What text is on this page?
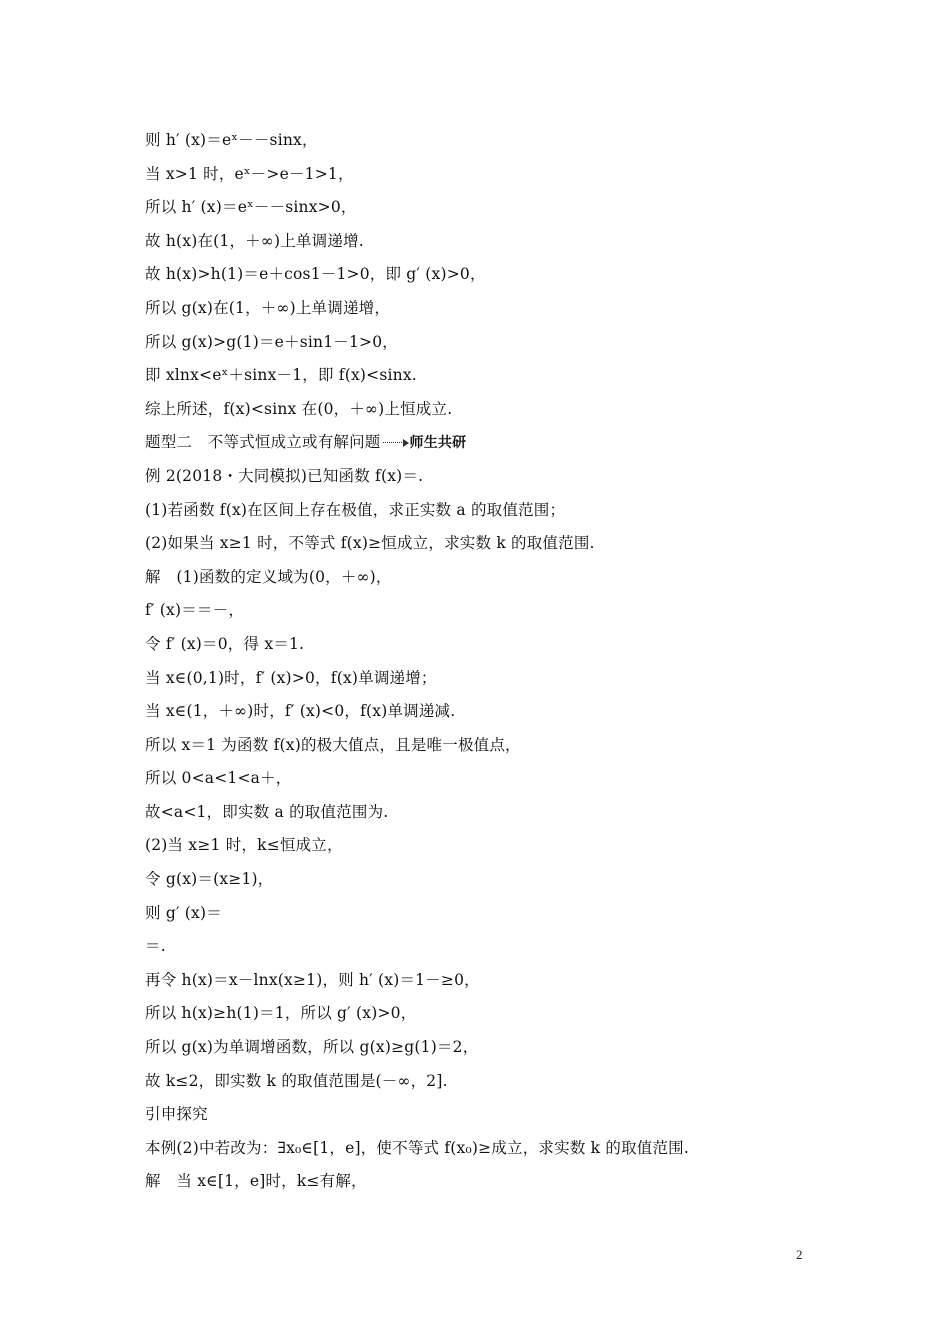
则 h′ (x)＝eˣ－－sinx，
当 x>1 时，eˣ－>e－1>1，
所以 h′ (x)＝eˣ－－sinx>0，
故 h(x)在(1，＋∞)上单调递增.
故 h(x)>h(1)＝e＋cos1－1>0，即 g′ (x)>0，
所以 g(x)在(1，＋∞)上单调递增，
所以 g(x)>g(1)＝e＋sin1－1>0，
即 xlnx<eˣ＋sinx－1，即 f(x)<sinx.
综上所述，f(x)<sinx 在(0，＋∞)上恒成立.
题型二　不等式恒成立或有解问题 师生共研
例 2(2018・大同模拟)已知函数 f(x)＝.
(1)若函数 f(x)在区间上存在极值，求正实数 a 的取值范围；
(2)如果当 x≥1 时，不等式 f(x)≥恒成立，求实数 k 的取值范围.
解　(1)函数的定义域为(0，＋∞)，
f′ (x)＝＝－，
令 f′ (x)＝0，得 x＝1.
当 x∈(0,1)时，f′ (x)>0，f(x)单调递增；
当 x∈(1，＋∞)时，f′ (x)<0，f(x)单调递减.
所以 x＝1 为函数 f(x)的极大值点，且是唯一极值点，
所以 0<a<1<a＋，
故<a<1，即实数 a 的取值范围为.
(2)当 x≥1 时，k≤恒成立，
令 g(x)＝(x≥1)，
则 g′ (x)＝
＝.
再令 h(x)＝x－lnx(x≥1)，则 h′ (x)＝1－≥0，
所以 h(x)≥h(1)＝1，所以 g′ (x)>0，
所以 g(x)为单调增函数，所以 g(x)≥g(1)＝2，
故 k≤2，即实数 k 的取值范围是(－∞，2].
引申探究
本例(2)中若改为：∃x₀∈[1，e]，使不等式 f(x₀)≥成立，求实数 k 的取值范围.
解　当 x∈[1，e]时，k≤有解，
2
